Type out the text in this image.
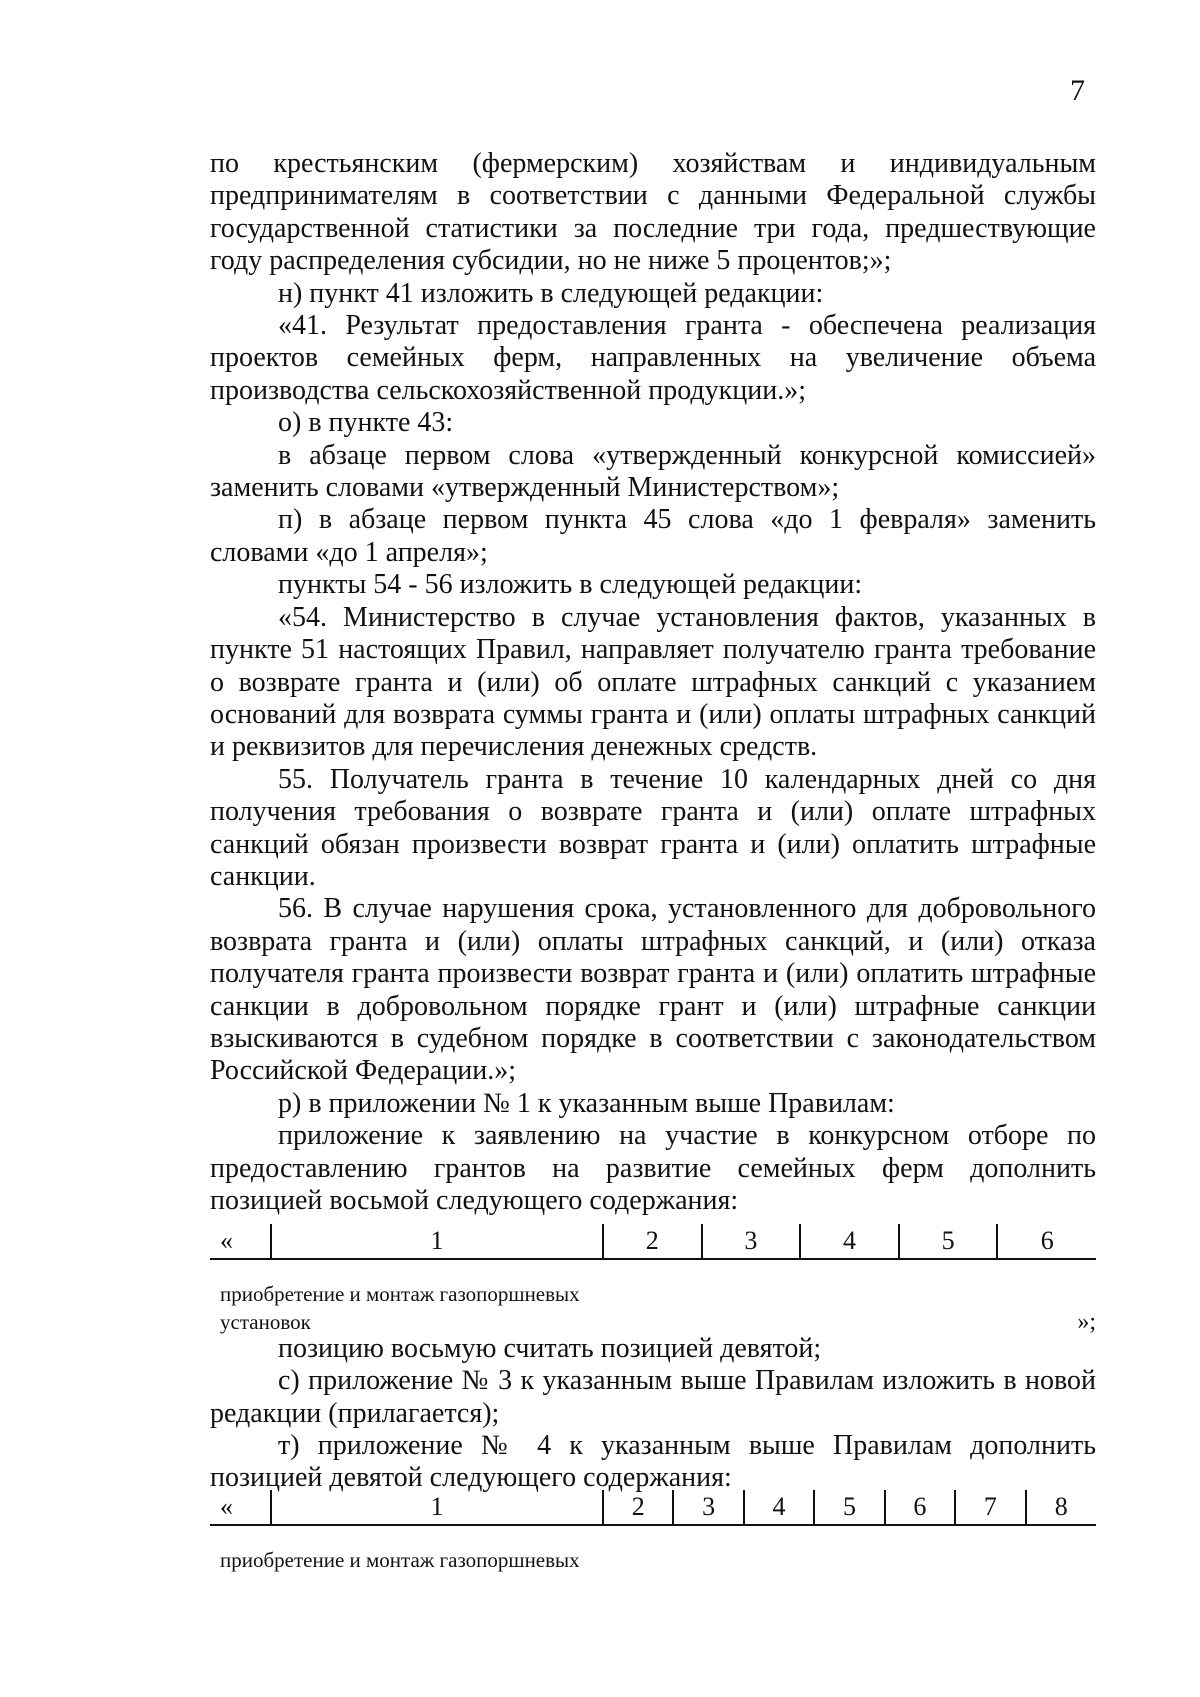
7

по крестьянским (фермерским) хозяйствам и индивидуальным предпринимателям в соответствии с данными Федеральной службы государственной статистики за последние три года, предшествующие году распределения субсидии, но не ниже 5 процентов;»;

н) пункт 41 изложить в следующей редакции:

«41. Результат предоставления гранта - обеспечена реализация проектов семейных ферм, направленных на увеличение объема производства сельскохозяйственной продукции.»;

о) в пункте 43:

в абзаце первом слова «утвержденный конкурсной комиссией» заменить словами «утвержденный Министерством»;

п) в абзаце первом пункта 45 слова «до 1 февраля» заменить словами «до 1 апреля»;

пункты 54 - 56 изложить в следующей редакции:

«54. Министерство в случае установления фактов, указанных в пункте 51 настоящих Правил, направляет получателю гранта требование о возврате гранта и (или) об оплате штрафных санкций с указанием оснований для возврата суммы гранта и (или) оплаты штрафных санкций и реквизитов для перечисления денежных средств.

55. Получатель гранта в течение 10 календарных дней со дня получения требования о возврате гранта и (или) оплате штрафных санкций обязан произвести возврат гранта и (или) оплатить штрафные санкции.

56. В случае нарушения срока, установленного для добровольного возврата гранта и (или) оплаты штрафных санкций, и (или) отказа получателя гранта произвести возврат гранта и (или) оплатить штрафные санкции в добровольном порядке грант и (или) штрафные санкции взыскиваются в судебном порядке в соответствии с законодательством Российской Федерации.»;

р) в приложении № 1 к указанным выше Правилам:

приложение к заявлению на участие в конкурсном отборе по предоставлению грантов на развитие семейных ферм дополнить позицией восьмой следующего содержания:

«	1	2	3	4	5	6
приобретение и монтаж газопоршневых
установок	»;

позицию восьмую считать позицией девятой;

с) приложение № 3 к указанным выше Правилам изложить в новой редакции (прилагается);

т) приложение № 4 к указанным выше Правилам дополнить позицией девятой следующего содержания:

«	1	2	3	4	5	6	7	8
приобретение и монтаж газопоршневых
